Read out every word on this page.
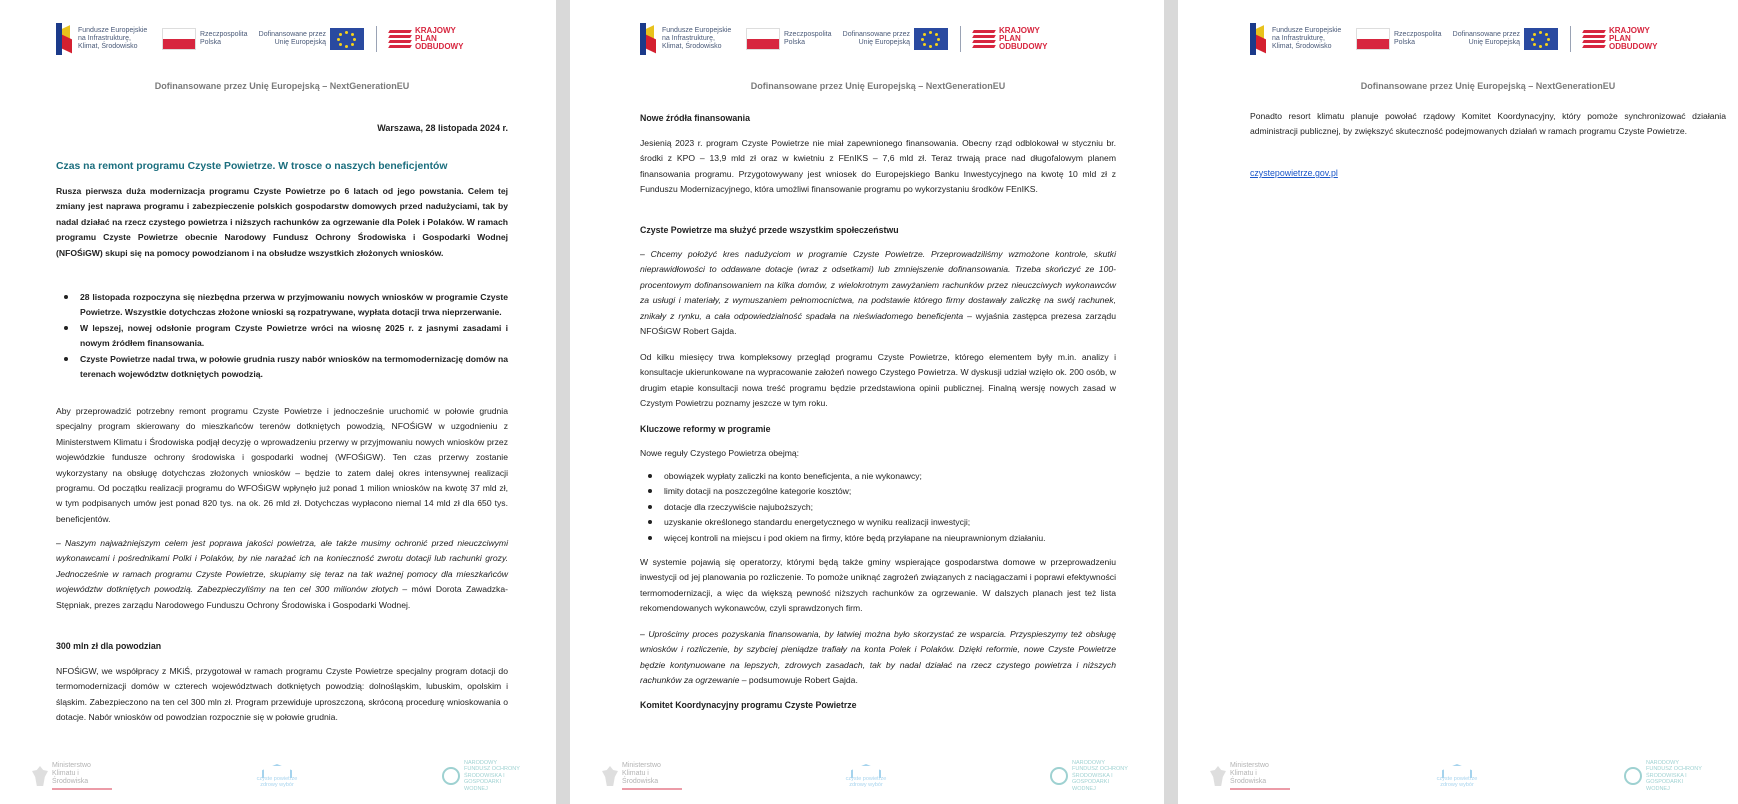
Fundusze Europejskie na Infrastrukturę, Klimat, Środowisko
Rzeczpospolita Polska
Dofinansowane przez Unię Europejską
KRAJOWY PLAN ODBUDOWY
Dofinansowane przez Unię Europejską – NextGenerationEU
Warszawa, 28 listopada 2024 r.
Czas na remont programu Czyste Powietrze. W trosce o naszych beneficjentów
Rusza pierwsza duża modernizacja programu Czyste Powietrze po 6 latach od jego powstania. Celem tej zmiany jest naprawa programu i zabezpieczenie polskich gospodarstw domowych przed nadużyciami, tak by nadal działać na rzecz czystego powietrza i niższych rachunków za ogrzewanie dla Polek i Polaków. W ramach programu Czyste Powietrze obecnie Narodowy Fundusz Ochrony Środowiska i Gospodarki Wodnej (NFOŚiGW) skupi się na pomocy powodzianom i na obsłudze wszystkich złożonych wniosków.
28 listopada rozpoczyna się niezbędna przerwa w przyjmowaniu nowych wniosków w programie Czyste Powietrze. Wszystkie dotychczas złożone wnioski są rozpatrywane, wypłata dotacji trwa nieprzerwanie.
W lepszej, nowej odsłonie program Czyste Powietrze wróci na wiosnę 2025 r. z jasnymi zasadami i nowym źródłem finansowania.
Czyste Powietrze nadal trwa, w połowie grudnia ruszy nabór wniosków na termomodernizację domów na terenach województw dotkniętych powodzią.
Aby przeprowadzić potrzebny remont programu Czyste Powietrze i jednocześnie uruchomić w połowie grudnia specjalny program skierowany do mieszkańców terenów dotkniętych powodzią, NFOŚiGW w uzgodnieniu z Ministerstwem Klimatu i Środowiska podjął decyzję o wprowadzeniu przerwy w przyjmowaniu nowych wniosków przez wojewódzkie fundusze ochrony środowiska i gospodarki wodnej (WFOŚiGW). Ten czas przerwy zostanie wykorzystany na obsługę dotychczas złożonych wniosków – będzie to zatem dalej okres intensywnej realizacji programu. Od początku realizacji programu do WFOŚiGW wpłynęło już ponad 1 milion wniosków na kwotę 37 mld zł, w tym podpisanych umów jest ponad 820 tys. na ok. 26 mld zł. Dotychczas wypłacono niemal 14 mld zł dla 650 tys. beneficjentów.
– Naszym najważniejszym celem jest poprawa jakości powietrza, ale także musimy ochronić przed nieuczciwymi wykonawcami i pośrednikami Polki i Polaków, by nie narażać ich na konieczność zwrotu dotacji lub rachunki grozy. Jednocześnie w ramach programu Czyste Powietrze, skupiamy się teraz na tak ważnej pomocy dla mieszkańców województw dotkniętych powodzią. Zabezpieczyliśmy na ten cel 300 milionów złotych – mówi Dorota Zawadzka-Stępniak, prezes zarządu Narodowego Funduszu Ochrony Środowiska i Gospodarki Wodnej.
300 mln zł dla powodzian
NFOŚiGW, we współpracy z MKiŚ, przygotował w ramach programu Czyste Powietrze specjalny program dotacji do termomodernizacji domów w czterech województwach dotkniętych powodzią: dolnośląskim, lubuskim, opolskim i śląskim. Zabezpieczono na ten cel 300 mln zł. Program przewiduje uproszczoną, skróconą procedurę wnioskowania o dotacje. Nabór wniosków od powodzian rozpocznie się w połowie grudnia.
Ministerstwo Klimatu i Środowiska	czyste powietrze zdrowy wybór
NARODOWY FUNDUSZ OCHRONY ŚRODOWISKA I GOSPODARKI WODNEJ
Fundusze Europejskie na Infrastrukturę, Klimat, Środowisko
Rzeczpospolita Polska
Dofinansowane przez Unię Europejską
KRAJOWY PLAN ODBUDOWY
Dofinansowane przez Unię Europejską – NextGenerationEU
Nowe źródła finansowania
Jesienią 2023 r. program Czyste Powietrze nie miał zapewnionego finansowania. Obecny rząd odblokował w styczniu br. środki z KPO – 13,9 mld zł oraz w kwietniu z FEnIKS – 7,6 mld zł. Teraz trwają prace nad długofalowym planem finansowania programu. Przygotowywany jest wniosek do Europejskiego Banku Inwestycyjnego na kwotę 10 mld zł z Funduszu Modernizacyjnego, która umożliwi finansowanie programu po wykorzystaniu środków FEnIKS.
Czyste Powietrze ma służyć przede wszystkim społeczeństwu
– Chcemy położyć kres nadużyciom w programie Czyste Powietrze. Przeprowadziliśmy wzmożone kontrole, skutki nieprawidłowości to oddawane dotacje (wraz z odsetkami) lub zmniejszenie dofinansowania. Trzeba skończyć ze 100-procentowym dofinansowaniem na kilka domów, z wielokrotnym zawyżaniem rachunków przez nieuczciwych wykonawców za usługi i materiały, z wymuszaniem pełnomocnictwa, na podstawie którego firmy dostawały zaliczkę na swój rachunek, znikały z rynku, a cała odpowiedzialność spadała na nieświadomego beneficjenta – wyjaśnia zastępca prezesa zarządu NFOŚiGW Robert Gajda.
Od kilku miesięcy trwa kompleksowy przegląd programu Czyste Powietrze, którego elementem były m.in. analizy i konsultacje ukierunkowane na wypracowanie założeń nowego Czystego Powietrza. W dyskusji udział wzięło ok. 200 osób, w drugim etapie konsultacji nowa treść programu będzie przedstawiona opinii publicznej. Finalną wersję nowych zasad w Czystym Powietrzu poznamy jeszcze w tym roku.
Kluczowe reformy w programie
Nowe reguły Czystego Powietrza obejmą:
obowiązek wypłaty zaliczki na konto beneficjenta, a nie wykonawcy;
limity dotacji na poszczególne kategorie kosztów;
dotacje dla rzeczywiście najuboższych;
uzyskanie określonego standardu energetycznego w wyniku realizacji inwestycji;
więcej kontroli na miejscu i pod okiem na firmy, które będą przyłapane na nieuprawnionym działaniu.
W systemie pojawią się operatorzy, którymi będą także gminy wspierające gospodarstwa domowe w przeprowadzeniu inwestycji od jej planowania po rozliczenie. To pomoże uniknąć zagrożeń związanych z naciągaczami i poprawi efektywności termomodernizacji, a więc da większą pewność niższych rachunków za ogrzewanie. W dalszych planach jest też lista rekomendowanych wykonawców, czyli sprawdzonych firm.
– Uprościmy proces pozyskania finansowania, by łatwiej można było skorzystać ze wsparcia. Przyspieszymy też obsługę wniosków i rozliczenie, by szybciej pieniądze trafiały na konta Polek i Polaków. Dzięki reformie, nowe Czyste Powietrze będzie kontynuowane na lepszych, zdrowych zasadach, tak by nadal działać na rzecz czystego powietrza i niższych rachunków za ogrzewanie – podsumowuje Robert Gajda.
Komitet Koordynacyjny programu Czyste Powietrze
Ministerstwo Klimatu i Środowiska	czyste powietrze zdrowy wybór
NARODOWY FUNDUSZ OCHRONY ŚRODOWISKA I GOSPODARKI WODNEJ
Fundusze Europejskie na Infrastrukturę, Klimat, Środowisko
Rzeczpospolita Polska
Dofinansowane przez Unię Europejską
KRAJOWY PLAN ODBUDOWY
Dofinansowane przez Unię Europejską – NextGenerationEU
Ponadto resort klimatu planuje powołać rządowy Komitet Koordynacyjny, który pomoże synchronizować działania administracji publicznej, by zwiększyć skuteczność podejmowanych działań w ramach programu Czyste Powietrze.
czystepowietrze.gov.pl
Ministerstwo Klimatu i Środowiska	czyste powietrze zdrowy wybór
NARODOWY FUNDUSZ OCHRONY ŚRODOWISKA I GOSPODARKI WODNEJ
